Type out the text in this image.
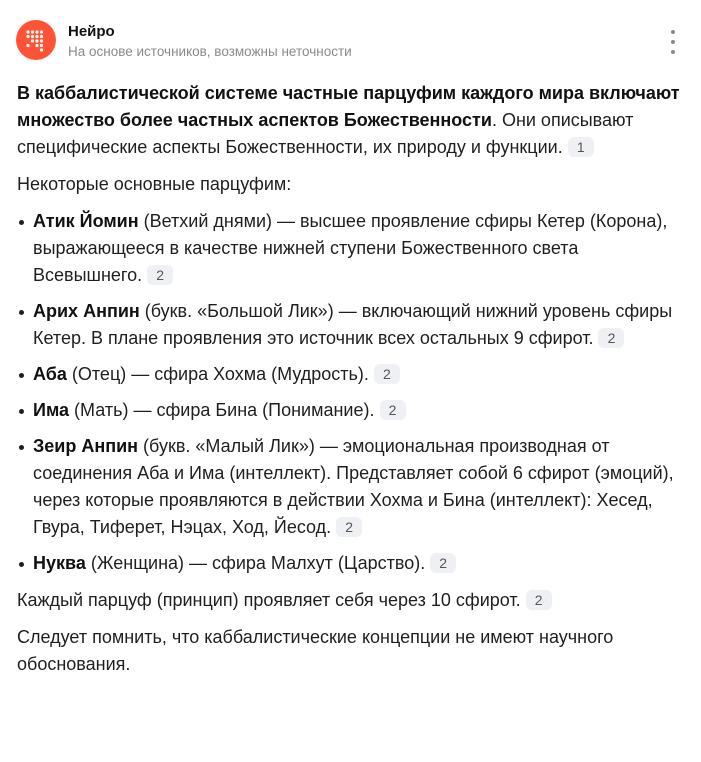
Нейро
На основе источников, возможны неточности

В каббалистической системе частные парцуфим каждого мира включают множество более частных аспектов Божественности. Они описывают специфические аспекты Божественности, их природу и функции. 1

Некоторые основные парцуфим:

Атик Йомин (Ветхий днями) — высшее проявление сфиры Кетер (Корона), выражающееся в качестве нижней ступени Божественного света Всевышнего. 2
Арих Анпин (букв. «Большой Лик») — включающий нижний уровень сфиры Кетер. В плане проявления это источник всех остальных 9 сфирот. 2
Аба (Отец) — сфира Хохма (Мудрость). 2
Има (Мать) — сфира Бина (Понимание). 2
Зеир Анпин (букв. «Малый Лик») — эмоциональная производная от соединения Аба и Има (интеллект). Представляет собой 6 сфирот (эмоций), через которые проявляются в действии Хохма и Бина (интеллект): Хесед, Гвура, Тиферет, Нэцах, Ход, Йесод. 2
Нуква (Женщина) — сфира Малхут (Царство). 2

Каждый парцуф (принцип) проявляет себя через 10 сфирот. 2

Следует помнить, что каббалистические концепции не имеют научного обоснования.
